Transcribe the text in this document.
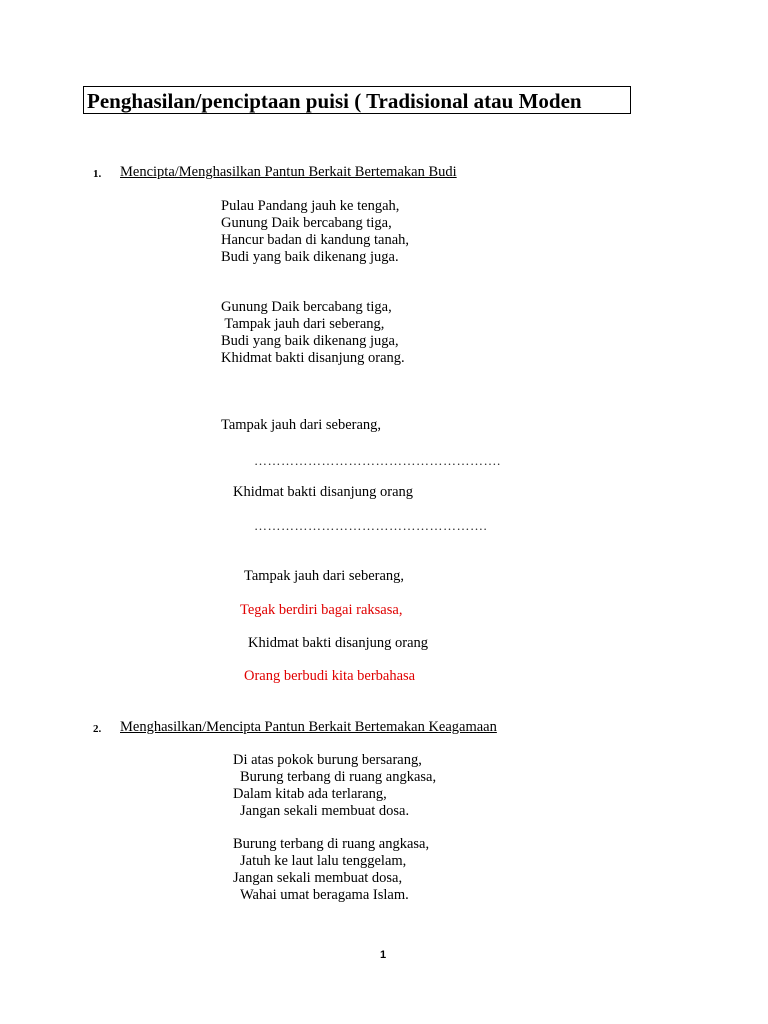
Penghasilan/penciptaan puisi ( Tradisional atau Moden
1. Mencipta/Menghasilkan Pantun Berkait Bertemakan Budi
Pulau Pandang jauh ke tengah,
Gunung Daik bercabang tiga,
Hancur badan di kandung tanah,
Budi yang baik dikenang juga.
Gunung Daik bercabang tiga,
Tampak jauh dari seberang,
Budi yang baik dikenang juga,
Khidmat bakti disanjung orang.
Tampak jauh dari seberang,
……………………………………………….
Khidmat bakti disanjung orang
…………………………………………….
Tampak jauh dari seberang,
Tegak berdiri bagai raksasa,
Khidmat bakti disanjung orang
Orang berbudi kita berbahasa
2. Menghasilkan/Mencipta Pantun Berkait Bertemakan Keagamaan
Di atas pokok burung bersarang,
Burung terbang di ruang angkasa,
Dalam kitab ada terlarang,
Jangan sekali membuat dosa.
Burung terbang di ruang angkasa,
Jatuh ke laut lalu tenggelam,
Jangan sekali membuat dosa,
Wahai umat beragama Islam.
1
